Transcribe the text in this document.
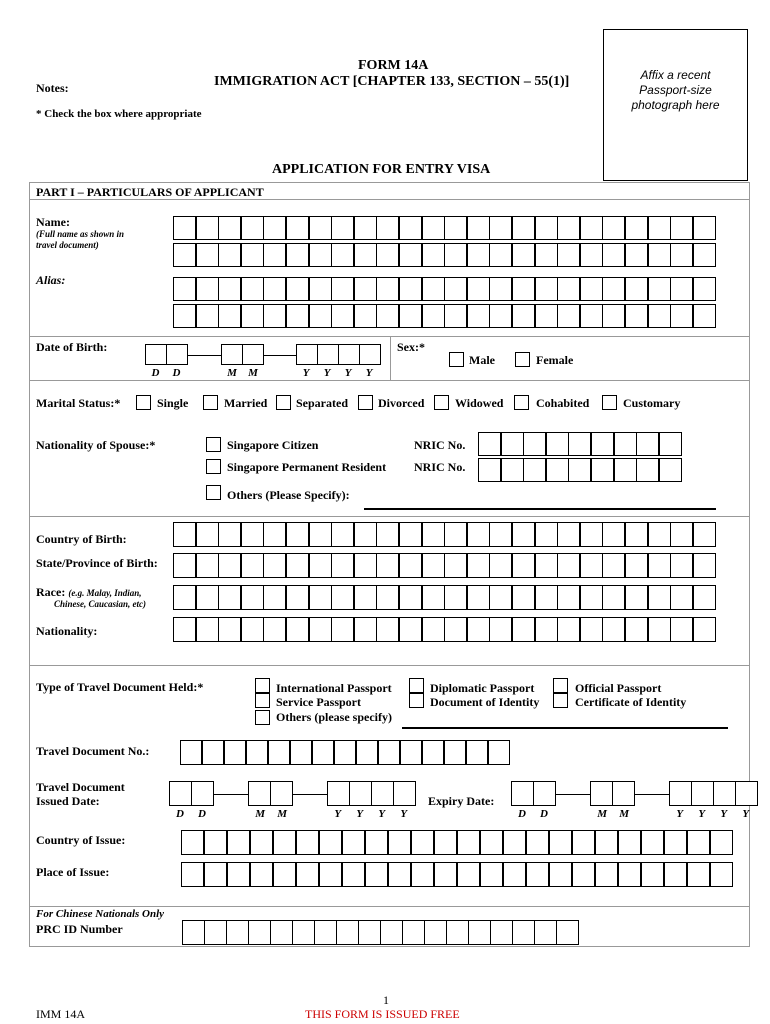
FORM 14A
IMMIGRATION ACT [CHAPTER 133, SECTION – 55(1)]
Notes:
* Check the box where appropriate
Affix a recent Passport-size photograph here
APPLICATION FOR ENTRY VISA
PART I – PARTICULARS OF APPLICANT
Name:
(Full name as shown in
travel document)
Alias:
Date of Birth:
D D	M M	Y Y Y Y
Sex:*
Male	Female
Marital Status:*	Single	Married Separated	Divorced	Widowed	Cohabited	Customary
Nationality of Spouse:*	Singapore Citizen	NRIC No.
Singapore Permanent Resident NRIC No.
Others (Please Specify):
Country of Birth:
State/Province of Birth:
Race: (e.g. Malay, Indian,
Chinese, Caucasian, etc)
Nationality:
Type of Travel Document Held:*	International Passport	Diplomatic Passport	Official Passport
Service Passport	Document of Identity	Certificate of Identity
Others (please specify)
Travel Document No.:
Travel Document
Issued Date:
D D	M M	Y Y Y Y
Expiry Date:
D D	M M	Y Y Y Y
Country of Issue:
Place of Issue:
For Chinese Nationals Only
PRC ID Number
1
IMM 14A	THIS FORM IS ISSUED FREE
